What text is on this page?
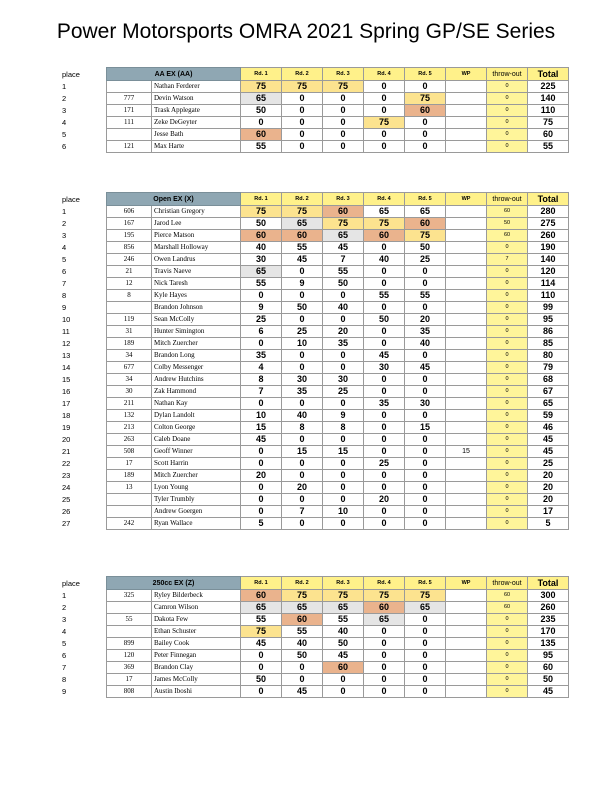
Power Motorsports OMRA 2021 Spring GP/SE Series
place	AA EX (AA)		Rd. 1	Rd. 2	Rd. 3	Rd. 4	Rd. 5	WP	throw-out	Total
1		Nathan Ferderer	75	75	75	0	0		0	225
2	777	Devin Watson	65	0	0	0	75		0	140
3	171	Trask Applegate	50	0	0	0	60		0	110
4	111	Zeke DeGeyter	0	0	0	75	0		0	75
5		Jesse Bath	60	0	0	0	0		0	60
6	121	Max Harte	55	0	0	0	0		0	55
place	Open EX (X)		Rd. 1	Rd. 2	Rd. 3	Rd. 4	Rd. 5	WP	throw-out	Total
1	606	Christian Gregory	75	75	60	65	65		60	280
2	167	Jarod Lee	50	65	75	75	60		50	275
3	195	Pierce Matson	60	60	65	60	75		60	260
4	856	Marshall Holloway	40	55	45	0	50		0	190
5	246	Owen Landrus	30	45	7	40	25		7	140
6	21	Travis Naeve	65	0	55	0	0		0	120
7	12	Nick Taresh	55	9	50	0	0		0	114
8	8	Kyle Hayes	0	0	0	55	55		0	110
9		Brandon Johnson	9	50	40	0	0		0	99
10	119	Sean McColly	25	0	0	50	20		0	95
11	31	Hunter Simington	6	25	20	0	35		0	86
12	189	Mitch Zuercher	0	10	35	0	40		0	85
13	34	Brandon Long	35	0	0	45	0		0	80
14	677	Colby Messenger	4	0	0	30	45		0	79
15	34	Andrew Hutchins	8	30	30	0	0		0	68
16	30	Zak Hammond	7	35	25	0	0		0	67
17	211	Nathan Kay	0	0	0	35	30		0	65
18	132	Dylan Landolt	10	40	9	0	0		0	59
19	213	Colton George	15	8	8	0	15		0	46
20	263	Caleb Doane	45	0	0	0	0		0	45
21	508	Geoff Winner	0	15	15	0	0	15	0	45
22	17	Scott Harrin	0	0	0	25	0		0	25
23	189	Mitch Zuercher	20	0	0	0	0		0	20
24	13	Lyon Young	0	20	0	0	0		0	20
25		Tyler Trumbly	0	0	0	20	0		0	20
26		Andrew Goergen	0	7	10	0	0		0	17
27	242	Ryan Wallace	5	0	0	0	0		0	5
place	250cc EX (Z)		Rd. 1	Rd. 2	Rd. 3	Rd. 4	Rd. 5	WP	throw-out	Total
1	325	Ryley Bilderbeck	60	75	75	75	75		60	300
2		Camron Wilson	65	65	65	60	65		60	260
3	55	Dakota Few	55	60	55	65	0		0	235
4		Ethan Schuster	75	55	40	0	0		0	170
5	899	Bailey Cook	45	40	50	0	0		0	135
6	120	Peter Finnegan	0	50	45	0	0		0	95
7	369	Brandon Clay	0	0	60	0	0		0	60
8	17	James McColly	50	0	0	0	0		0	50
9	808	Austin Iboshi	0	45	0	0	0		0	45
